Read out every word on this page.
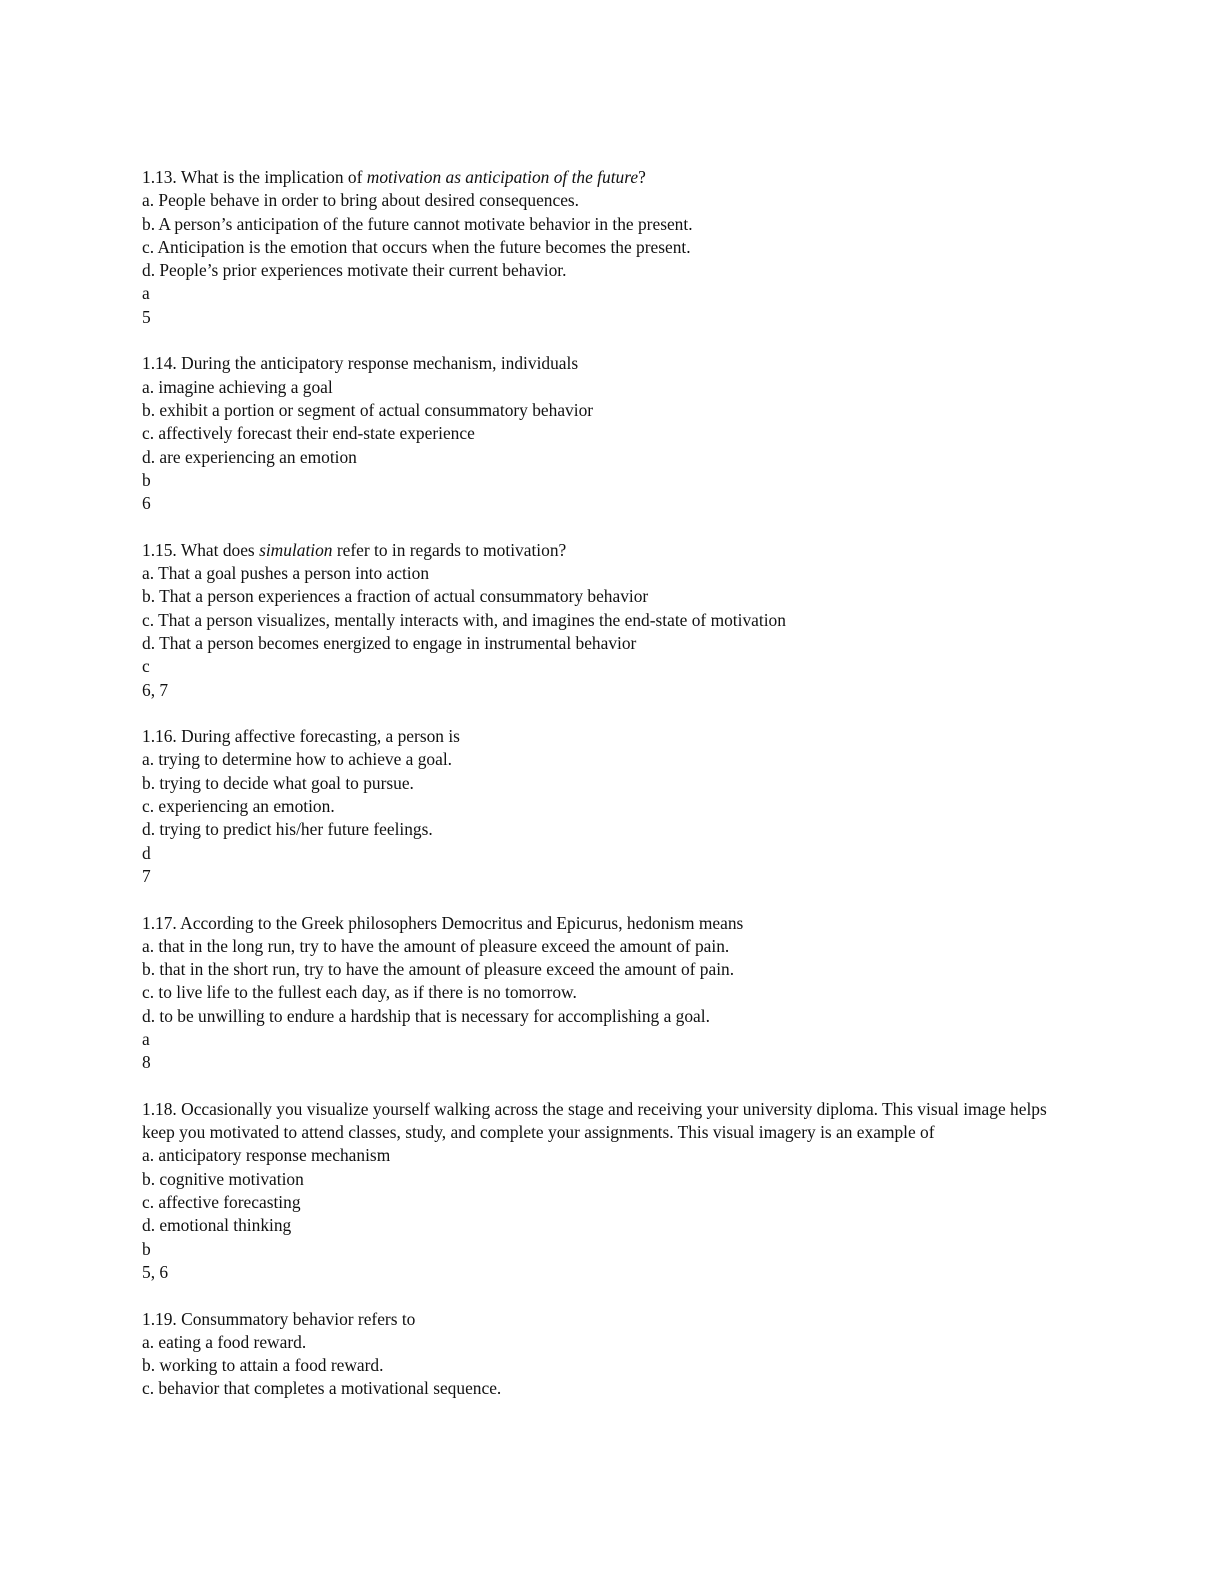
1.13. What is the implication of motivation as anticipation of the future?
a. People behave in order to bring about desired consequences.
b. A person’s anticipation of the future cannot motivate behavior in the present.
c. Anticipation is the emotion that occurs when the future becomes the present.
d. People’s prior experiences motivate their current behavior.
a
5
1.14. During the anticipatory response mechanism, individuals
a. imagine achieving a goal
b. exhibit a portion or segment of actual consummatory behavior
c. affectively forecast their end-state experience
d. are experiencing an emotion
b
6
1.15. What does simulation refer to in regards to motivation?
a. That a goal pushes a person into action
b. That a person experiences a fraction of actual consummatory behavior
c. That a person visualizes, mentally interacts with, and imagines the end-state of motivation
d. That a person becomes energized to engage in instrumental behavior
c
6, 7
1.16. During affective forecasting, a person is
a. trying to determine how to achieve a goal.
b. trying to decide what goal to pursue.
c. experiencing an emotion.
d. trying to predict his/her future feelings.
d
7
1.17. According to the Greek philosophers Democritus and Epicurus, hedonism means
a. that in the long run, try to have the amount of pleasure exceed the amount of pain.
b. that in the short run, try to have the amount of pleasure exceed the amount of pain.
c. to live life to the fullest each day, as if there is no tomorrow.
d. to be unwilling to endure a hardship that is necessary for accomplishing a goal.
a
8
1.18. Occasionally you visualize yourself walking across the stage and receiving your university diploma. This visual image helps keep you motivated to attend classes, study, and complete your assignments. This visual imagery is an example of
a. anticipatory response mechanism
b. cognitive motivation
c. affective forecasting
d. emotional thinking
b
5, 6
1.19. Consummatory behavior refers to
a. eating a food reward.
b. working to attain a food reward.
c. behavior that completes a motivational sequence.
